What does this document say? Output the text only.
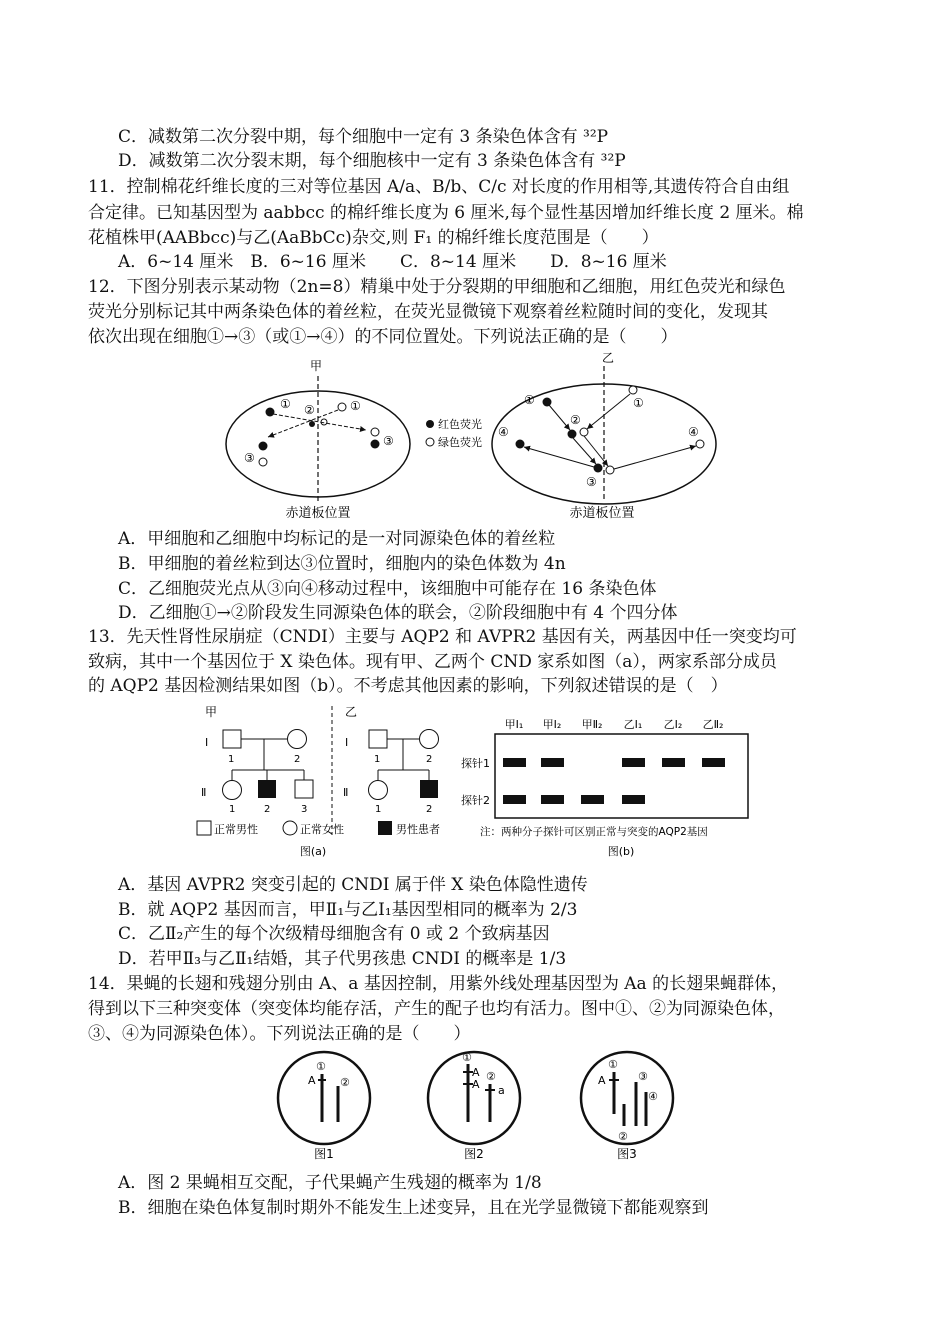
C．减数第二次分裂中期，每个细胞中一定有 3 条染色体含有 ³²P
D．减数第二次分裂末期，每个细胞核中一定有 3 条染色体含有 ³²P
11．控制棉花纤维长度的三对等位基因 A/a、B/b、C/c 对长度的作用相等,其遗传符合自由组
合定律。已知基因型为 aabbcc 的棉纤维长度为 6 厘米,每个显性基因增加纤维长度 2 厘米。棉
花植株甲(AABbcc)与乙(AaBbCc)杂交,则 F₁ 的棉纤维长度范围是（　　）
A．6~14 厘米　B．6~16 厘米　　C．8~14 厘米　　D．8~16 厘米
12．下图分别表示某动物（2n=8）精巢中处于分裂期的甲细胞和乙细胞，用红色荧光和绿色
荧光分别标记其中两条染色体的着丝粒，在荧光显微镜下观察着丝粒随时间的变化，发现其
依次出现在细胞①→③（或①→④）的不同位置处。下列说法正确的是（　　）
甲
①	①
②
③
③
赤道板位置
红色荧光
绿色荧光
乙
①	①
②
③
④	④
赤道板位置
A．甲细胞和乙细胞中均标记的是一对同源染色体的着丝粒
B．甲细胞的着丝粒到达③位置时，细胞内的染色体数为 4n
C．乙细胞荧光点从③向④移动过程中，该细胞中可能存在 16 条染色体
D．乙细胞①→②阶段发生同源染色体的联会，②阶段细胞中有 4 个四分体
13．先天性肾性尿崩症（CNDI）主要与 AQP2 和 AVPR2 基因有关，两基因中任一突变均可
致病，其中一个基因位于 X 染色体。现有甲、乙两个 CND 家系如图（a），两家系部分成员
的 AQP2 基因检测结果如图（b）。不考虑其他因素的影响，下列叙述错误的是（　）
甲
Ⅰ
Ⅱ
1	2
1	2	3
乙
Ⅰ
Ⅱ
1	2
1	2
正常男性	正常女性	男性患者
图(a)
甲Ⅰ₁ 甲Ⅰ₂ 甲Ⅱ₂ 乙Ⅰ₁ 乙Ⅰ₂ 乙Ⅱ₂
探针1
探针2
注：两种分子探针可区别正常与突变的AQP2基因
图(b)
A．基因 AVPR2 突变引起的 CNDI 属于伴 X 染色体隐性遗传
B．就 AQP2 基因而言，甲Ⅱ₁与乙Ⅰ₁基因型相同的概率为 2/3
C．乙Ⅱ₂产生的每个次级精母细胞含有 0 或 2 个致病基因
D．若甲Ⅱ₃与乙Ⅱ₁结婚，其子代男孩患 CNDI 的概率是 1/3
14．果蝇的长翅和残翅分别由 A、a 基因控制，用紫外线处理基因型为 Aa 的长翅果蝇群体，
得到以下三种突变体（突变体均能存活，产生的配子也均有活力。图中①、②为同源染色体，
③、④为同源染色体）。下列说法正确的是（　　）
A
①
②
图1
A
A a
①
②
图2
A
①
②
③
④
图3
A．图 2 果蝇相互交配，子代果蝇产生残翅的概率为 1/8
B．细胞在染色体复制时期外不能发生上述变异，且在光学显微镜下都能观察到
